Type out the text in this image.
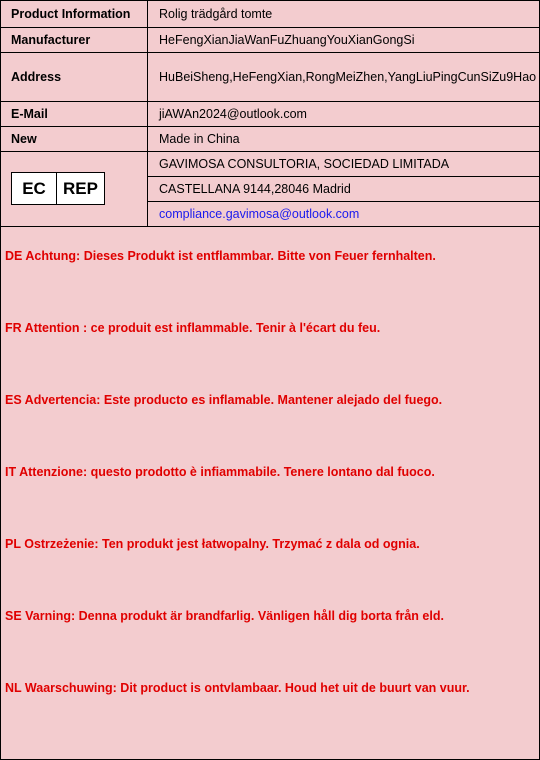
Product Information	Rolig trädgård tomte
Manufacturer	HeFengXianJiaWanFuZhuangYouXianGongSi
Address	HuBeiSheng,HeFengXian,RongMeiZhen,YangLiuPingCunSiZu9Hao
E-Mail	jiAWAn2024@outlook.com
New	Made in China

EC REP	GAVIMOSA CONSULTORIA, SOCIEDAD LIMITADA
	CASTELLANA 9144,28046 Madrid
	compliance.gavimosa@outlook.com
DE Achtung: Dieses Produkt ist entflammbar. Bitte von Feuer fernhalten.
FR Attention : ce produit est inflammable. Tenir à l'écart du feu.
ES Advertencia: Este producto es inflamable. Mantener alejado del fuego.
IT Attenzione: questo prodotto è infiammabile. Tenere lontano dal fuoco.
PL Ostrzeżenie: Ten produkt jest łatwopalny. Trzymać z dala od ognia.
SE Varning: Denna produkt är brandfarlig. Vänligen håll dig borta från eld.
NL Waarschuwing: Dit product is ontvlambaar. Houd het uit de buurt van vuur.
